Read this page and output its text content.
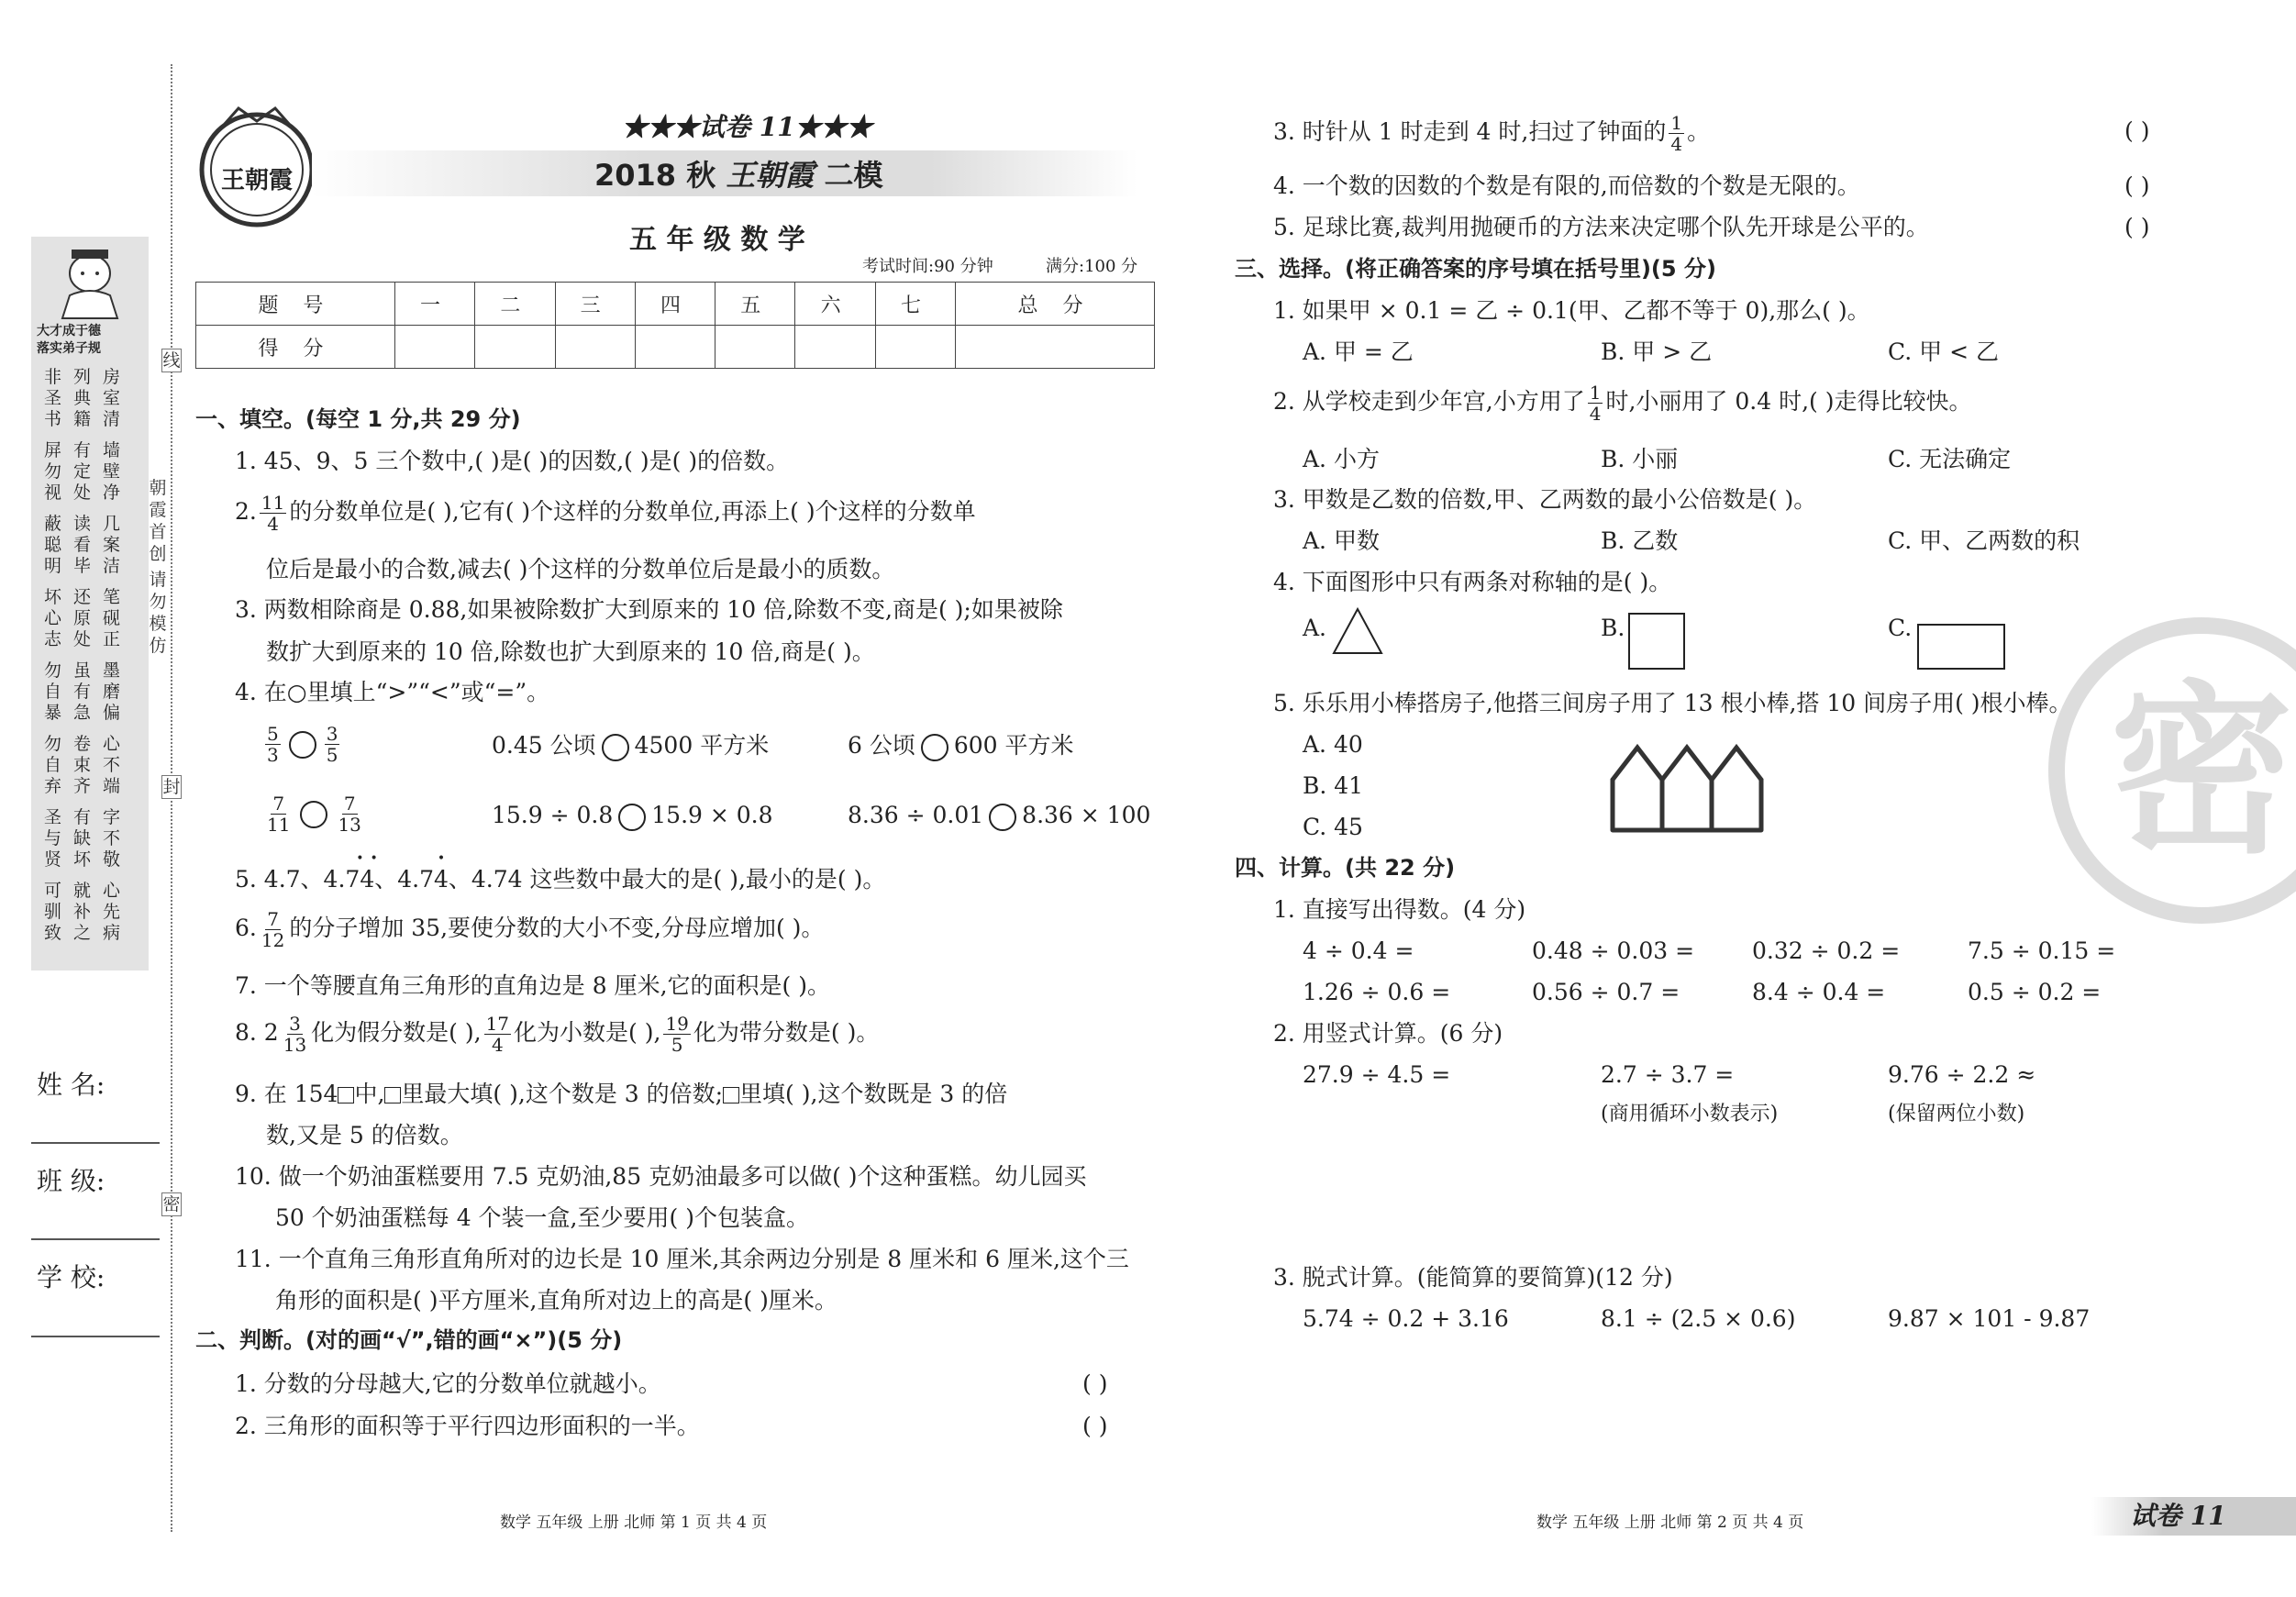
大才成于德
落实弟子规
非圣书
列典籍
房室清
屏勿视
有定处
墙壁净
蔽聪明
读看毕
几案洁
坏心志
还原处
笔砚正
勿自暴
虽有急
墨磨偏
勿自弃
卷束齐
心不端
圣与贤
有缺坏
字不敬
可驯致
就补之
心先病
线
封
密
朝霞首创
请勿模仿
姓 名:
班 级:
学 校:
王朝霞
★★★试卷 11★★★
2018 秋 王朝霞 二模
五 年 级 数 学
考试时间:90 分钟	满分:100 分
题 号	一	二	三	四	五	六	七	总 分
得 分								
一、填空。(每空 1 分,共 29 分)
1. 45、9、5 三个数中,( )是( )的因数,( )是( )的倍数。
2. $\frac{11}{4}$ 的分数单位是( ),它有( )个这样的分数单位,再添上( )个这样的分数单
位后是最小的合数,减去( )个这样的分数单位后是最小的质数。
3. 两数相除商是 0.88,如果被除数扩大到原来的 10 倍,除数不变,商是( );如果被除
数扩大到原来的 10 倍,除数也扩大到原来的 10 倍,商是( )。
4. 在○里填上“>”“<”或“=”。
$\frac{5}{3} \frac{3}{5}$	0.45 公顷 4500 平方米	6 公顷 600 平方米
$\frac{7}{11} \frac{7}{13}$	15.9 ÷ 0.8 15.9 × 0.8	8.36 ÷ 0.01 8.36 × 100
5. 4.7、4.• 74 •、4.7• 4、4.74 这些数中最大的是( ),最小的是( )。
6. $\frac{7}{12}$ 的分子增加 35,要使分数的大小不变,分母应增加( )。
7. 一个等腰直角三角形的直角边是 8 厘米,它的面积是( )。
8. $2 \frac{3}{13}$ 化为假分数是( ), $\frac{17}{4}$ 化为小数是( ), $\frac{19}{5}$ 化为带分数是( )。
9. 在 154 中, 里最大填( ),这个数是 3 的倍数; 里填( ),这个数既是 3 的倍
数,又是 5 的倍数。
10. 做一个奶油蛋糕要用 7.5 克奶油,85 克奶油最多可以做( )个这种蛋糕。幼儿园买
50 个奶油蛋糕每 4 个装一盒,至少要用( )个包装盒。
11. 一个直角三角形直角所对的边长是 10 厘米,其余两边分别是 8 厘米和 6 厘米,这个三
角形的面积是( )平方厘米,直角所对边上的高是( )厘米。
二、判断。(对的画“√”,错的画“×”)(5 分)
1. 分数的分母越大,它的分数单位就越小。	( )
2. 三角形的面积等于平行四边形面积的一半。	( )
数学 五年级 上册 北师 第 1 页 共 4 页
3. 时针从 1 时走到 4 时,扫过了钟面的 $\frac{1}{4}$ 。	( )
4. 一个数的因数的个数是有限的,而倍数的个数是无限的。	( )
5. 足球比赛,裁判用抛硬币的方法来决定哪个队先开球是公平的。	( )
三、选择。(将正确答案的序号填在括号里)(5 分)
1. 如果甲 × 0.1 = 乙 ÷ 0.1(甲、乙都不等于 0),那么( )。
A. 甲 = 乙	B. 甲 > 乙	C. 甲 < 乙
2. 从学校走到少年宫,小方用了 $\frac{1}{4}$ 时,小丽用了 0.4 时,( )走得比较快。
A. 小方	B. 小丽	C. 无法确定
3. 甲数是乙数的倍数,甲、乙两数的最小公倍数是( )。
A. 甲数	B. 乙数	C. 甲、乙两数的积
4. 下面图形中只有两条对称轴的是( )。
A.	B.	C.
5. 乐乐用小棒搭房子,他搭三间房子用了 13 根小棒,搭 10 间房子用( )根小棒。
A. 40
B. 41
C. 45
四、计算。(共 22 分)
1. 直接写出得数。(4 分)
4 ÷ 0.4 =	0.48 ÷ 0.03 =	0.32 ÷ 0.2 =	7.5 ÷ 0.15 =
1.26 ÷ 0.6 =	0.56 ÷ 0.7 =	8.4 ÷ 0.4 =	0.5 ÷ 0.2 =
2. 用竖式计算。(6 分)
27.9 ÷ 4.5 =	2.7 ÷ 3.7 =	9.76 ÷ 2.2 ≈
(商用循环小数表示)	(保留两位小数)
3. 脱式计算。(能简算的要简算)(12 分)
5.74 ÷ 0.2 + 3.16	8.1 ÷ (2.5 × 0.6)	9.87 × 101 - 9.87
数学 五年级 上册 北师 第 2 页 共 4 页	试卷 11
密
